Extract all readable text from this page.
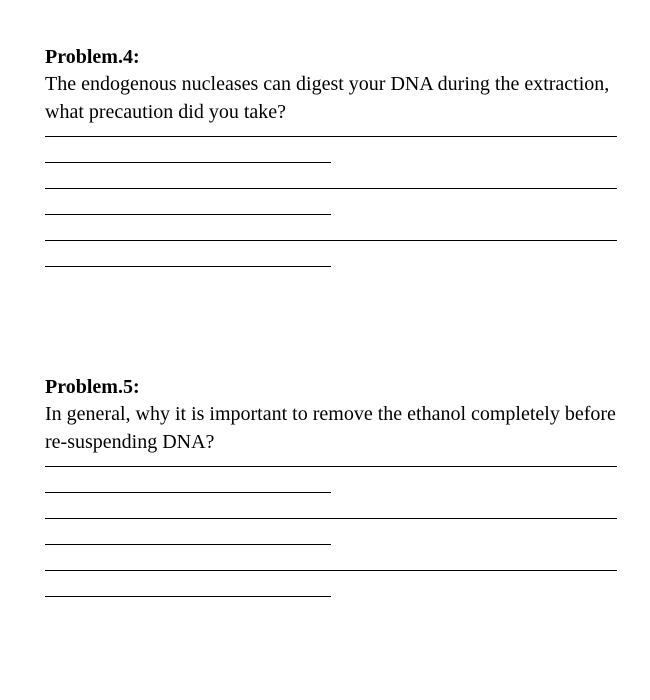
Problem.4:

The endogenous nucleases can digest your DNA during the extraction, what precaution did you take?

Problem.5:

In general, why it is important to remove the ethanol completely before re-suspending DNA?
